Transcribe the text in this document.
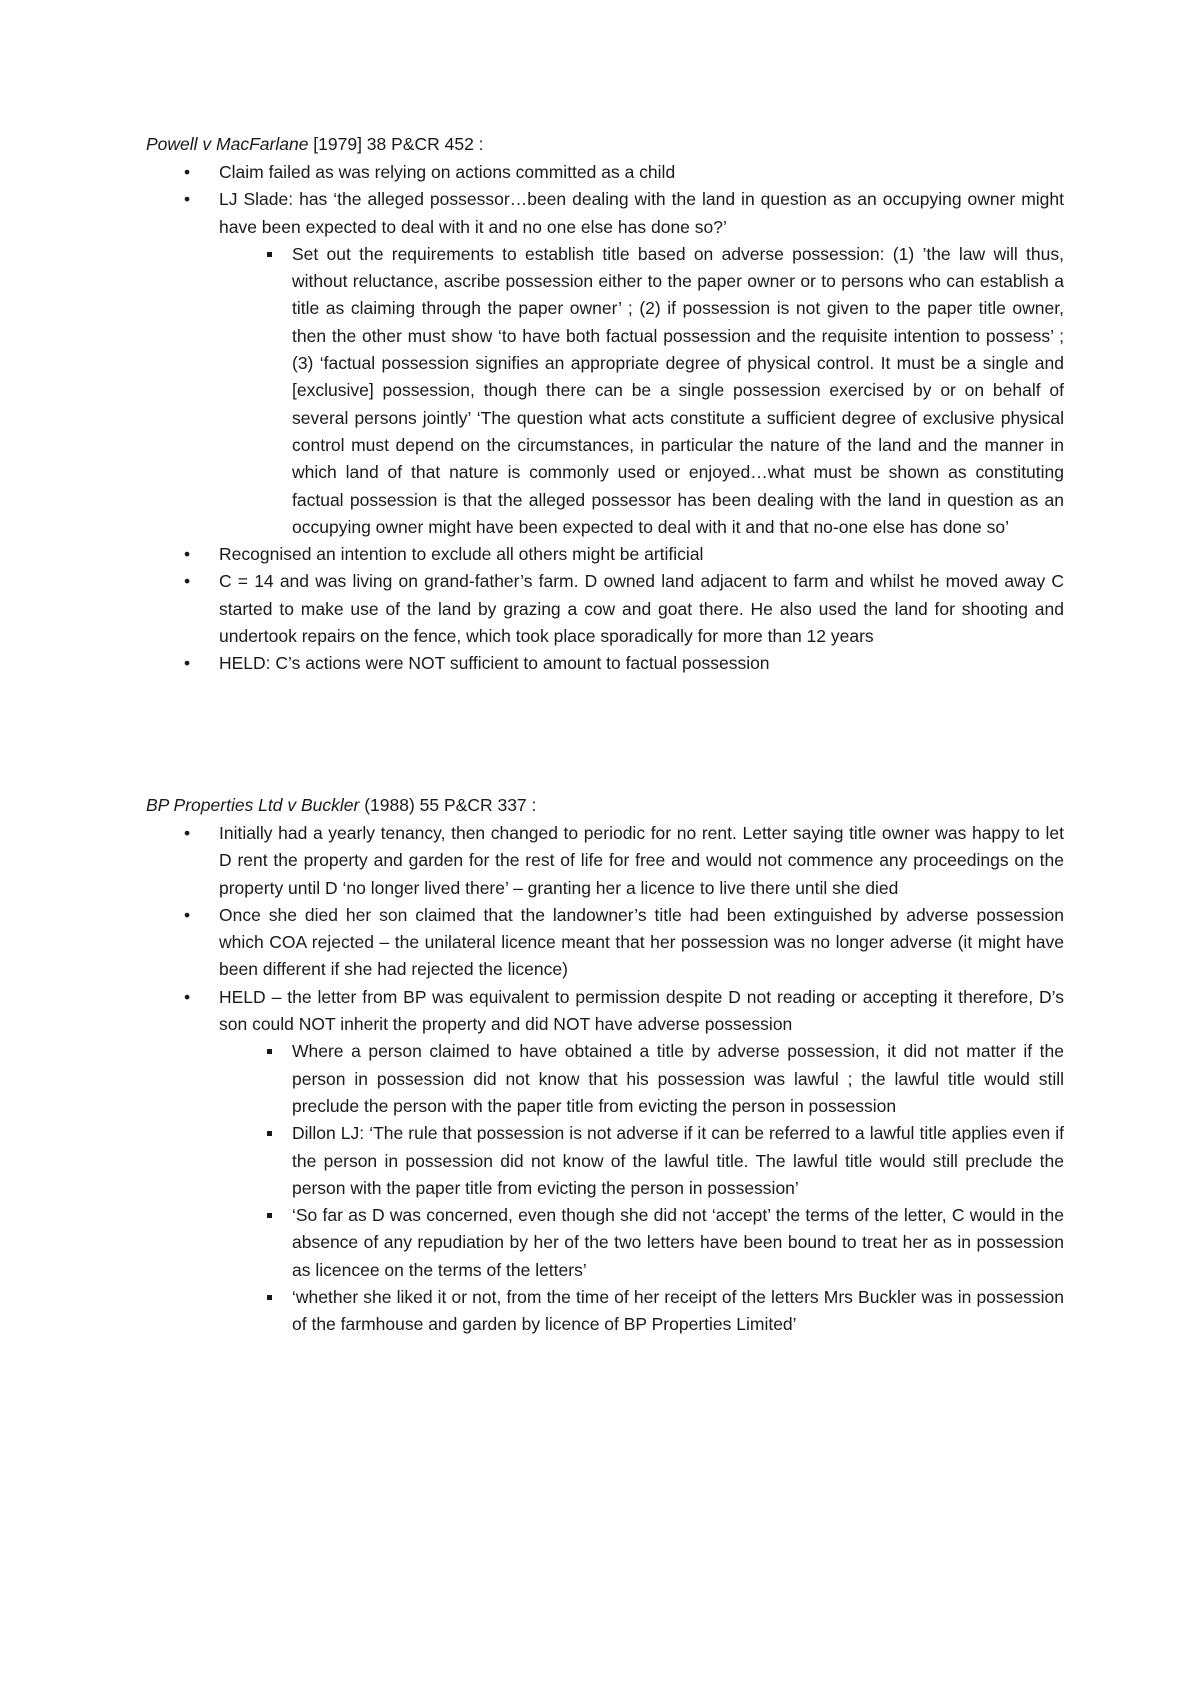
Powell v MacFarlane [1979] 38 P&CR 452 :
• Claim failed as was relying on actions committed as a child
• LJ Slade: has ‘the alleged possessor…been dealing with the land in question as an occupying owner might have been expected to deal with it and no one else has done so?’
Set out the requirements to establish title based on adverse possession: (1) ’the law will thus, without reluctance, ascribe possession either to the paper owner or to persons who can establish a title as claiming through the paper owner’ ; (2) if possession is not given to the paper title owner, then the other must show ‘to have both factual possession and the requisite intention to possess’ ; (3) ‘factual possession signifies an appropriate degree of physical control. It must be a single and [exclusive] possession, though there can be a single possession exercised by or on behalf of several persons jointly’ ‘The question what acts constitute a sufficient degree of exclusive physical control must depend on the circumstances, in particular the nature of the land and the manner in which land of that nature is commonly used or enjoyed…what must be shown as constituting factual possession is that the alleged possessor has been dealing with the land in question as an occupying owner might have been expected to deal with it and that no-one else has done so’
• Recognised an intention to exclude all others might be artificial
• C = 14 and was living on grand-father’s farm. D owned land adjacent to farm and whilst he moved away C started to make use of the land by grazing a cow and goat there. He also used the land for shooting and undertook repairs on the fence, which took place sporadically for more than 12 years
• HELD: C’s actions were NOT sufficient to amount to factual possession
BP Properties Ltd v Buckler (1988) 55 P&CR 337 :
• Initially had a yearly tenancy, then changed to periodic for no rent. Letter saying title owner was happy to let D rent the property and garden for the rest of life for free and would not commence any proceedings on the property until D ‘no longer lived there’ – granting her a licence to live there until she died
• Once she died her son claimed that the landowner’s title had been extinguished by adverse possession which COA rejected – the unilateral licence meant that her possession was no longer adverse (it might have been different if she had rejected the licence)
• HELD – the letter from BP was equivalent to permission despite D not reading or accepting it therefore, D’s son could NOT inherit the property and did NOT have adverse possession
Where a person claimed to have obtained a title by adverse possession, it did not matter if the person in possession did not know that his possession was lawful ; the lawful title would still preclude the person with the paper title from evicting the person in possession
Dillon LJ: ‘The rule that possession is not adverse if it can be referred to a lawful title applies even if the person in possession did not know of the lawful title. The lawful title would still preclude the person with the paper title from evicting the person in possession’
‘So far as D was concerned, even though she did not ‘accept’ the terms of the letter, C would in the absence of any repudiation by her of the two letters have been bound to treat her as in possession as licencee on the terms of the letters’
‘whether she liked it or not, from the time of her receipt of the letters Mrs Buckler was in possession of the farmhouse and garden by licence of BP Properties Limited’
